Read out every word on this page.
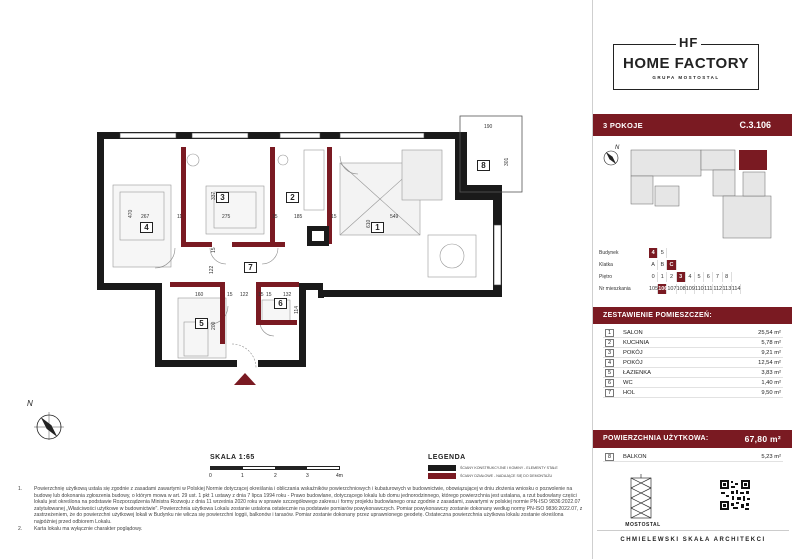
N
1
2
3
4
5
6
7
8
190
301
337
470 267	11	275	15	185	15
610
549
122
160	15 122 15	132
114
200
15
15
SKALA 1:65
0	1	2	3	4m
LEGENDA
ŚCIANY KONSTRUKCYJNE I KOMINY - ELEMENTY STAŁE
ŚCIANY DZIAŁOWE - NADAJĄCE SIĘ DO DEMONTAŻU
1.	Powierzchnię użytkową ustala się zgodnie z zasadami zawartymi w Polskiej Normie dotyczącej określania i obliczania wskaźników powierzchniowych i kubaturowych w budownictwie, obowiązującej w dniu złożenia wniosku o pozwolenie na budowę lub dokonania zgłoszenia budowy, o którym mowa w art. 29 ust. 1 pkt 1 ustawy z dnia 7 lipca 1994 roku - Prawo budowlane, dotyczącego lokalu lub domu jednorodzinnego, którego powierzchnia jest ustalana, a rzut budowlany części lokalu jest określona na podstawie Rozporządzenia Ministra Rozwoju z dnia 11 września 2020 roku w sprawie szczegółowego zakresu i formy projektu budowlanego oraz zgodnie z zasadami, zawartymi w polskiej normie PN-ISO 9836:2022.07 zatytułowanej „Właściwości użytkowe w budownictwie". Powierzchnia użytkowa Lokalu zostanie ustalona ostatecznie na podstawie pomiarów powykonawczych. Pomiar powykonawczy zostanie dokonany według normy PN-ISO 9836:2022.07, z zastrzeżeniem, że do powierzchni użytkowej lokali w Budynku nie wlicza się powierzchni loggii, balkonów i tarasów. Pomiar zostanie dokonany przez uprawnionego geodetę. Ostateczna powierzchnia użytkowa lokalu zostanie określona najpóźniej przed odbiorem Lokalu.
2.	Karta lokalu ma wyłącznie charakter poglądowy.
HF
HOME FACTORY
GRUPA MOSTOSTAL
3 POKOJE	C.3.106
N
Budynek	4	5
Klatka	A	B C
Piętro	0	1	2	3	4	5	6	7	8
Nr mieszkania	105 106 107 108 109 110 111 112 113 114
ZESTAWIENIE POMIESZCZEŃ:
1	SALON	25,54 m²
2	KUCHNIA	5,78 m²
3	POKÓJ	9,21 m²
4	POKÓJ	12,54 m²
5	ŁAZIENKA	3,83 m²
6	WC	1,40 m²
7	HOL	9,50 m²
POWIERZCHNIA UŻYTKOWA:	67,80 m²
8	BALKON	5,23 m²
MOSTOSTAL
CHMIELEWSKI SKAŁA ARCHITEKCI
